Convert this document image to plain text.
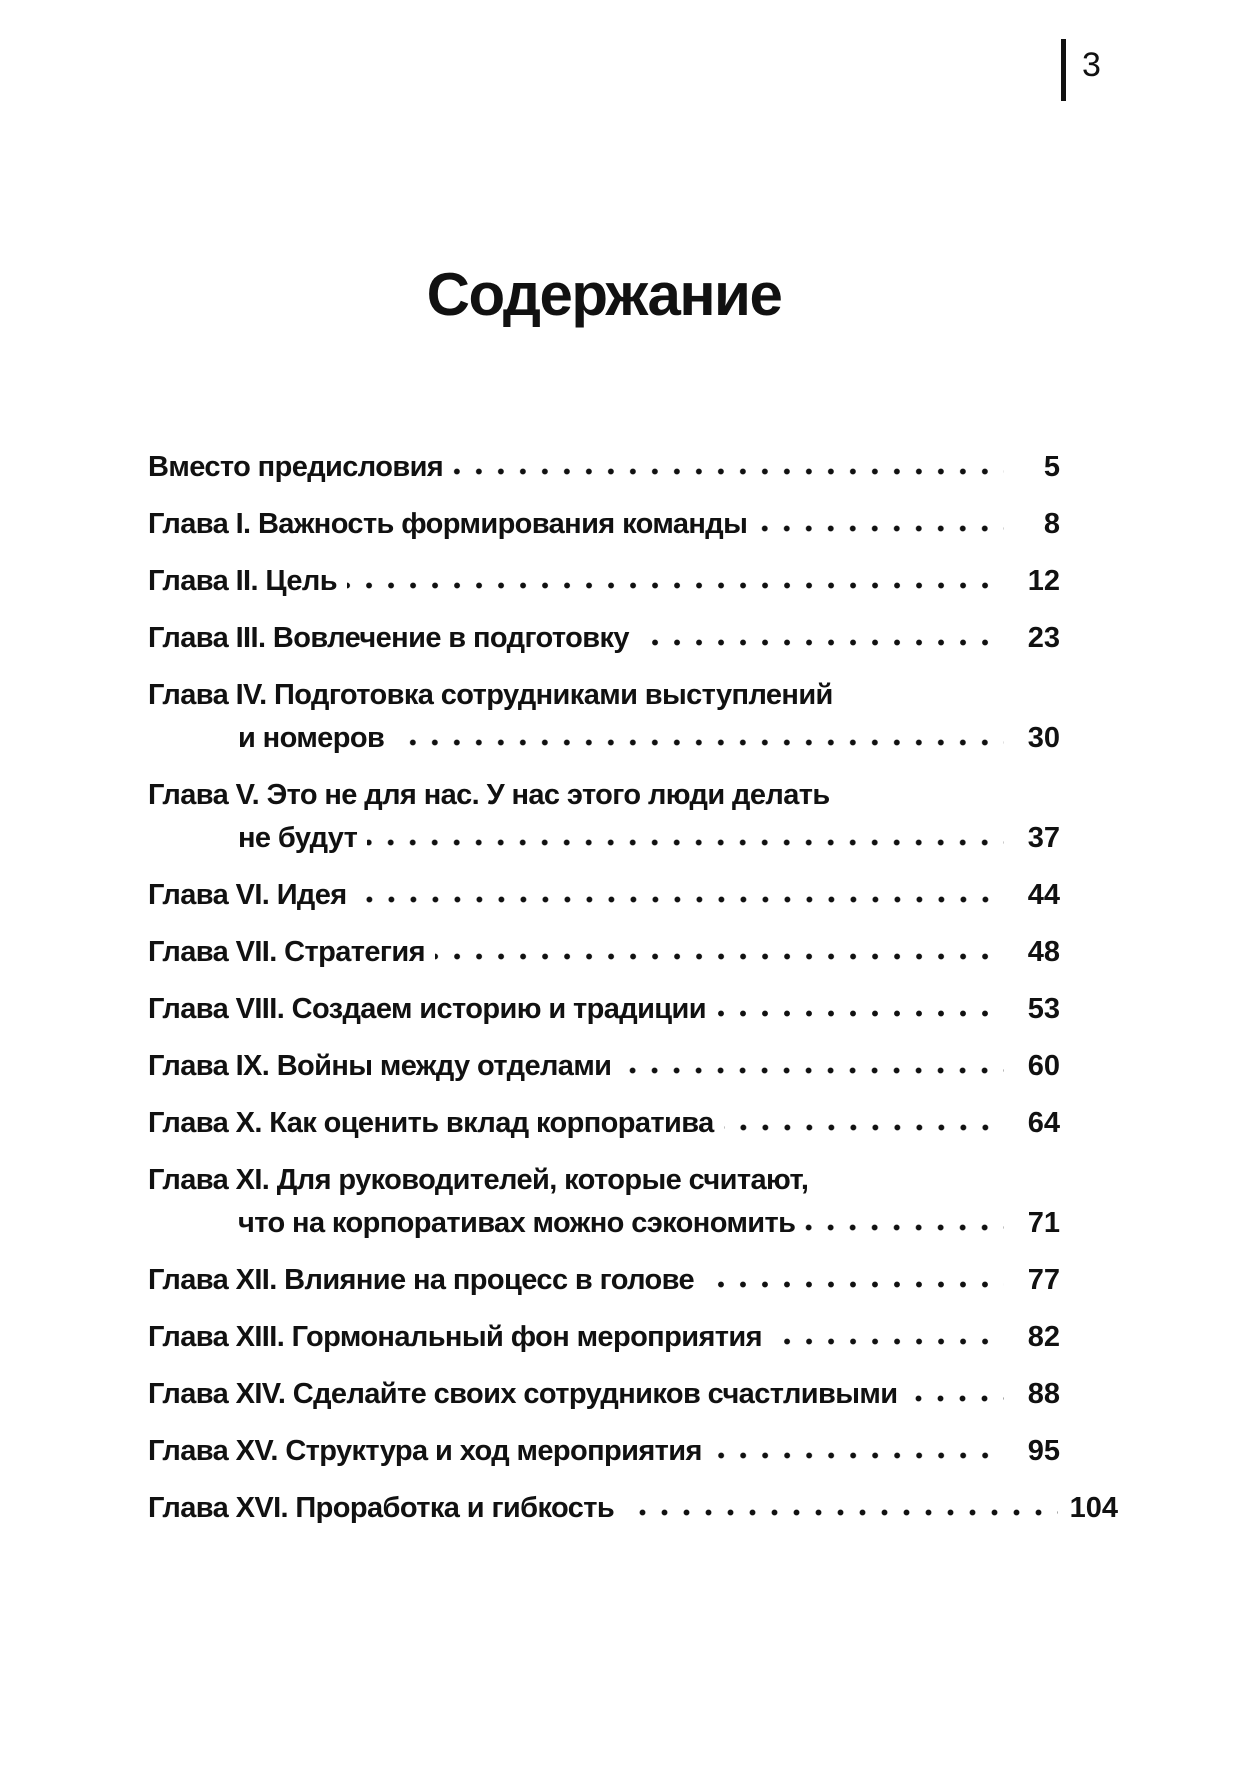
3
Содержание
Вместо предисловия	5
Глава I. Важность формирования команды	8
Глава II. Цель	12
Глава III. Вовлечение в подготовку	23
Глава IV. Подготовка сотрудниками выступлений
и номеров	30
Глава V. Это не для нас. У нас этого люди делать
не будут	37
Глава VI. Идея	44
Глава VII. Стратегия	48
Глава VIII. Создаем историю и традиции	53
Глава IX. Войны между отделами	60
Глава X. Как оценить вклад корпоратива	64
Глава XI. Для руководителей, которые считают,
что на корпоративах можно сэкономить	71
Глава XII. Влияние на процесс в голове	77
Глава XIII. Гормональный фон мероприятия	82
Глава XIV. Сделайте своих сотрудников счастливыми	88
Глава XV. Структура и ход мероприятия	95
Глава XVI. Проработка и гибкость	104
